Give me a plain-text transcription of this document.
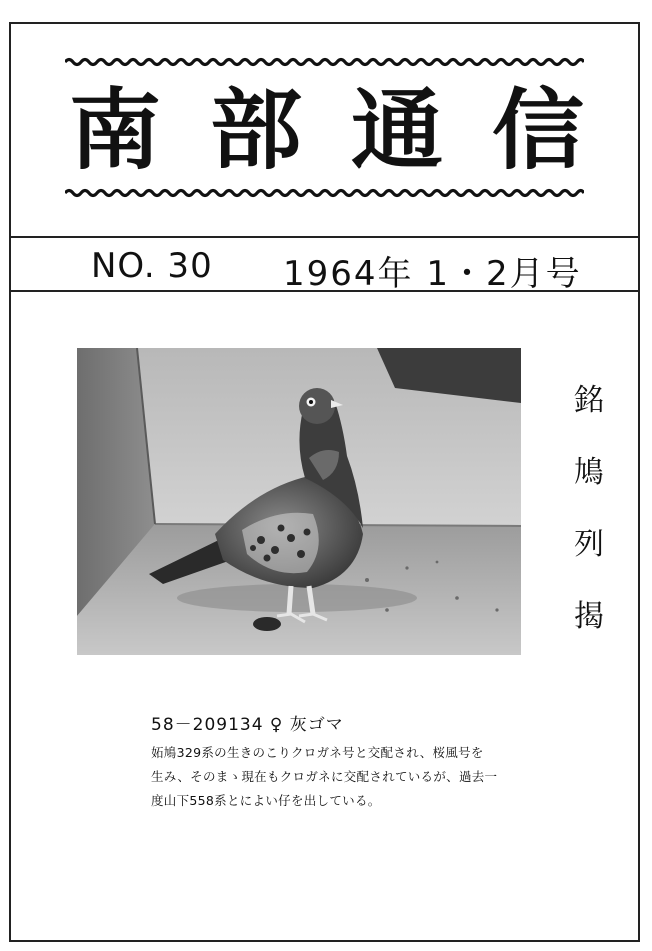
南 部 通 信
NO. 30 1964年 1・2月号
銘
鳩
列
揭
58－209134 ♀ 灰ゴマ
妬鳩329系の生きのこりクロガネ号と交配され、桜風号を
生み、そのまゝ現在もクロガネに交配されているが、過去一
度山下558系とによい仔を出している。
